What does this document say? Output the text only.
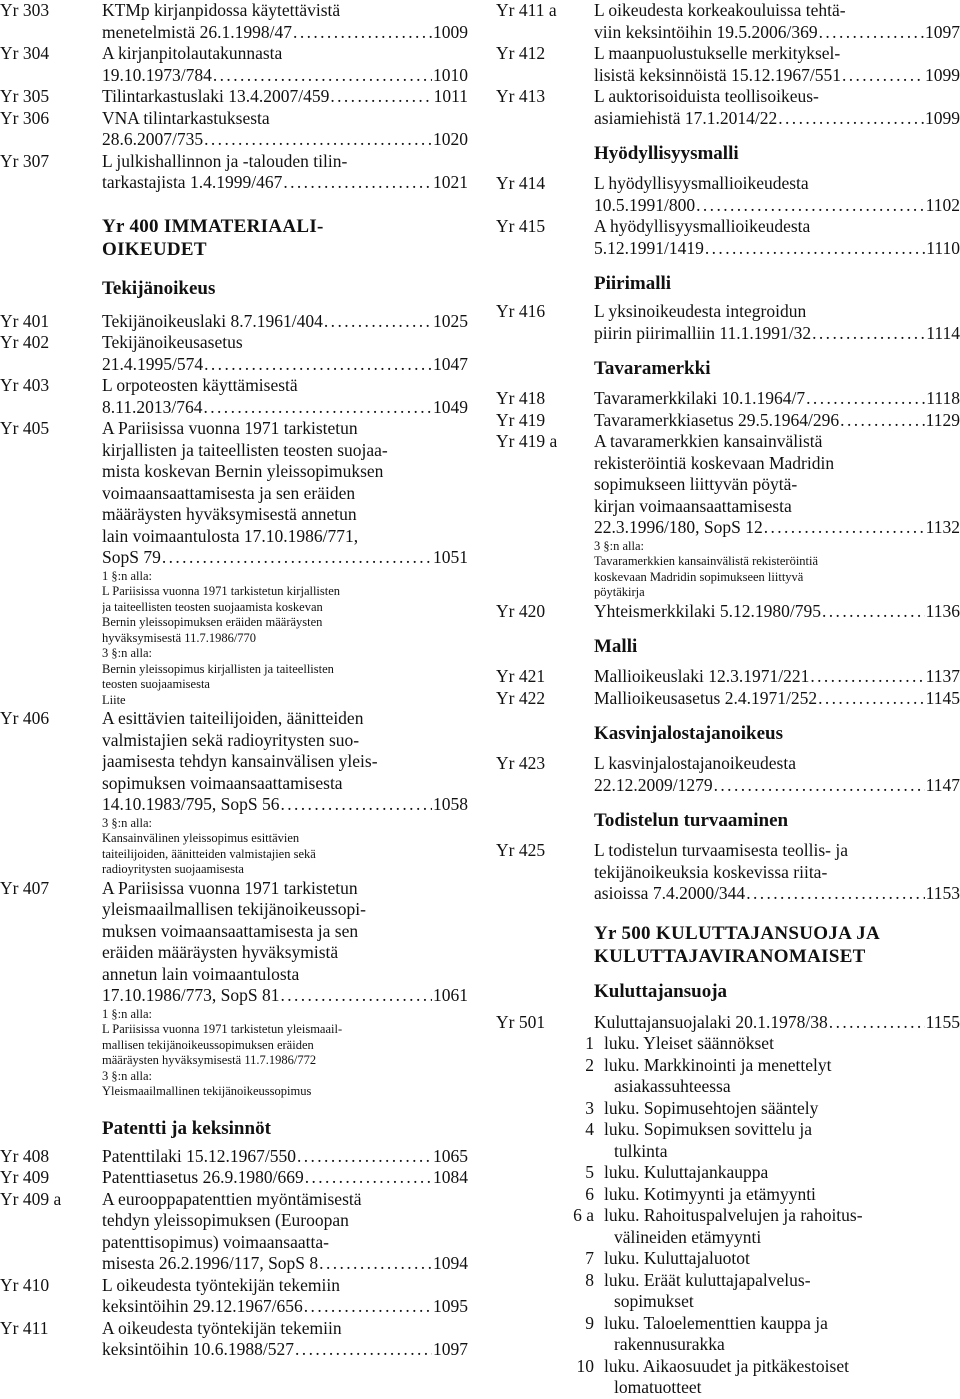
Yr 303	KTMp kirjanpidossa käytettävistä
menetelmistä 26.1.1998/47 .....	1009
Yr 304	A kirjanpitolautakunnasta
19.10.1973/784 .....	1010
Yr 305	Tilintarkastuslaki 13.4.2007/459 .....	1011
Yr 306	VNA tilintarkastuksesta
28.6.2007/735 .....	1020
Yr 307	L julkishallinnon ja -talouden tilin-
tarkastajista 1.4.1999/467 .....	1021
Yr 400 IMMATERIAALI-
OIKEUDET
Tekijänoikeus
Yr 401	Tekijänoikeuslaki 8.7.1961/404 .....	1025
Yr 402	Tekijänoikeusasetus
21.4.1995/574 .....	1047
Yr 403	L orpoteosten käyttämisestä
8.11.2013/764 .....	1049
Yr 405	A Pariisissa vuonna 1971 tarkistetun
kirjallisten ja taiteellisten teosten suojaa-
mista koskevan Bernin yleissopimuksen
voimaansaattamisesta ja sen eräiden
määräysten hyväksymisestä annetun
lain voimaantulosta 17.10.1986/771,
SopS 79 .....	1051
1 §:n alla:
L Pariisissa vuonna 1971 tarkistetun kirjallisten
ja taiteellisten teosten suojaamista koskevan
Bernin yleissopimuksen eräiden määräysten
hyväksymisestä 11.7.1986/770
3 §:n alla:
Bernin yleissopimus kirjallisten ja taiteellisten
teosten suojaamisesta
Liite
Yr 406	A esittävien taiteilijoiden, äänitteiden
valmistajien sekä radioyritysten suo-
jaamisesta tehdyn kansainvälisen yleis-
sopimuksen voimaansaattamisesta
14.10.1983/795, SopS 56 .....	1058
3 §:n alla:
Kansainvälinen yleissopimus esittävien
taiteilijoiden, äänitteiden valmistajien sekä
radioyritysten suojaamisesta
Yr 407	A Pariisissa vuonna 1971 tarkistetun
yleismaailmallisen tekijänoikeussopi-
muksen voimaansaattamisesta ja sen
eräiden määräysten hyväksymistä
annetun lain voimaantulosta
17.10.1986/773, SopS 81 .....	1061
1 §:n alla:
L Pariisissa vuonna 1971 tarkistetun yleismaail-
mallisen tekijänoikeussopimuksen eräiden
määräysten hyväksymisestä 11.7.1986/772
3 §:n alla:
Yleismaailmallinen tekijänoikeussopimus
Patentti ja keksinnöt
Yr 408	Patenttilaki 15.12.1967/550 .....	1065
Yr 409	Patenttiasetus 26.9.1980/669 .....	1084
Yr 409 a	A eurooppapatenttien myöntämisestä
tehdyn yleissopimuksen (Euroopan
patenttisopimus) voimaansaatta-
misesta 26.2.1996/117, SopS 8 .....	1094
Yr 410	L oikeudesta työntekijän tekemiin
keksintöihin 29.12.1967/656 .....	1095
Yr 411	A oikeudesta työntekijän tekemiin
keksintöihin 10.6.1988/527 .....	1097
Yr 411 a	L oikeudesta korkeakouluissa tehtä-
viin keksintöihin 19.5.2006/369 .....	1097
Yr 412	L maanpuolustukselle merkityksel-
lisistä keksinnöistä 15.12.1967/551 .....	1099
Yr 413	L auktorisoiduista teollisoikeus-
asiamiehistä 17.1.2014/22 .....	1099
Hyödyllisyysmalli
Yr 414	L hyödyllisyysmallioikeudesta
10.5.1991/800 .....	1102
Yr 415	A hyödyllisyysmallioikeudesta
5.12.1991/1419 .....	1110
Piirimalli
Yr 416	L yksinoikeudesta integroidun
piirin piirimalliin 11.1.1991/32 .....	1114
Tavaramerkki
Yr 418	Tavaramerkkilaki 10.1.1964/7 .....	1118
Yr 419	Tavaramerkkiasetus 29.5.1964/296 .....	1129
Yr 419 a	A tavaramerkkien kansainvälistä
rekisteröintiä koskevaan Madridin
sopimukseen liittyvän pöytä-
kirjan voimaansaattamisesta
22.3.1996/180, SopS 12 .....	1132
3 §:n alla:
Tavaramerkkien kansainvälistä rekisteröintiä
koskevaan Madridin sopimukseen liittyvä
pöytäkirja
Yr 420	Yhteismerkkilaki 5.12.1980/795 .....	1136
Malli
Yr 421	Mallioikeuslaki 12.3.1971/221 .....	1137
Yr 422	Mallioikeusasetus 2.4.1971/252 .....	1145
Kasvinjalostajanoikeus
Yr 423	L kasvinjalostajanoikeudesta
22.12.2009/1279 .....	1147
Todistelun turvaaminen
Yr 425	L todistelun turvaamisesta teollis- ja
tekijänoikeuksia koskevissa riita-
asioissa 7.4.2000/344 .....	1153
Yr 500 KULUTTAJANSUOJA JA
KULUTTAJAVIRANOMAISET
Kuluttajansuoja
Yr 501	Kuluttajansuojalaki 20.1.1978/38 .....	1155
1 luku. Yleiset säännökset
2 luku. Markkinointi ja menettelyt
asiakassuhteessa
3 luku. Sopimusehtojen sääntely
4 luku. Sopimuksen sovittelu ja
tulkinta
5 luku. Kuluttajankauppa
6 luku. Kotimyynti ja etämyynti
6 a luku. Rahoituspalvelujen ja rahoitus-
välineiden etämyynti
7 luku. Kuluttajaluotot
8 luku. Eräät kuluttajapalvelus-
sopimukset
9 luku. Taloelementtien kauppa ja
rakennusurakka
10 luku. Aikaosuudet ja pitkäkestoiset
lomatuotteet
